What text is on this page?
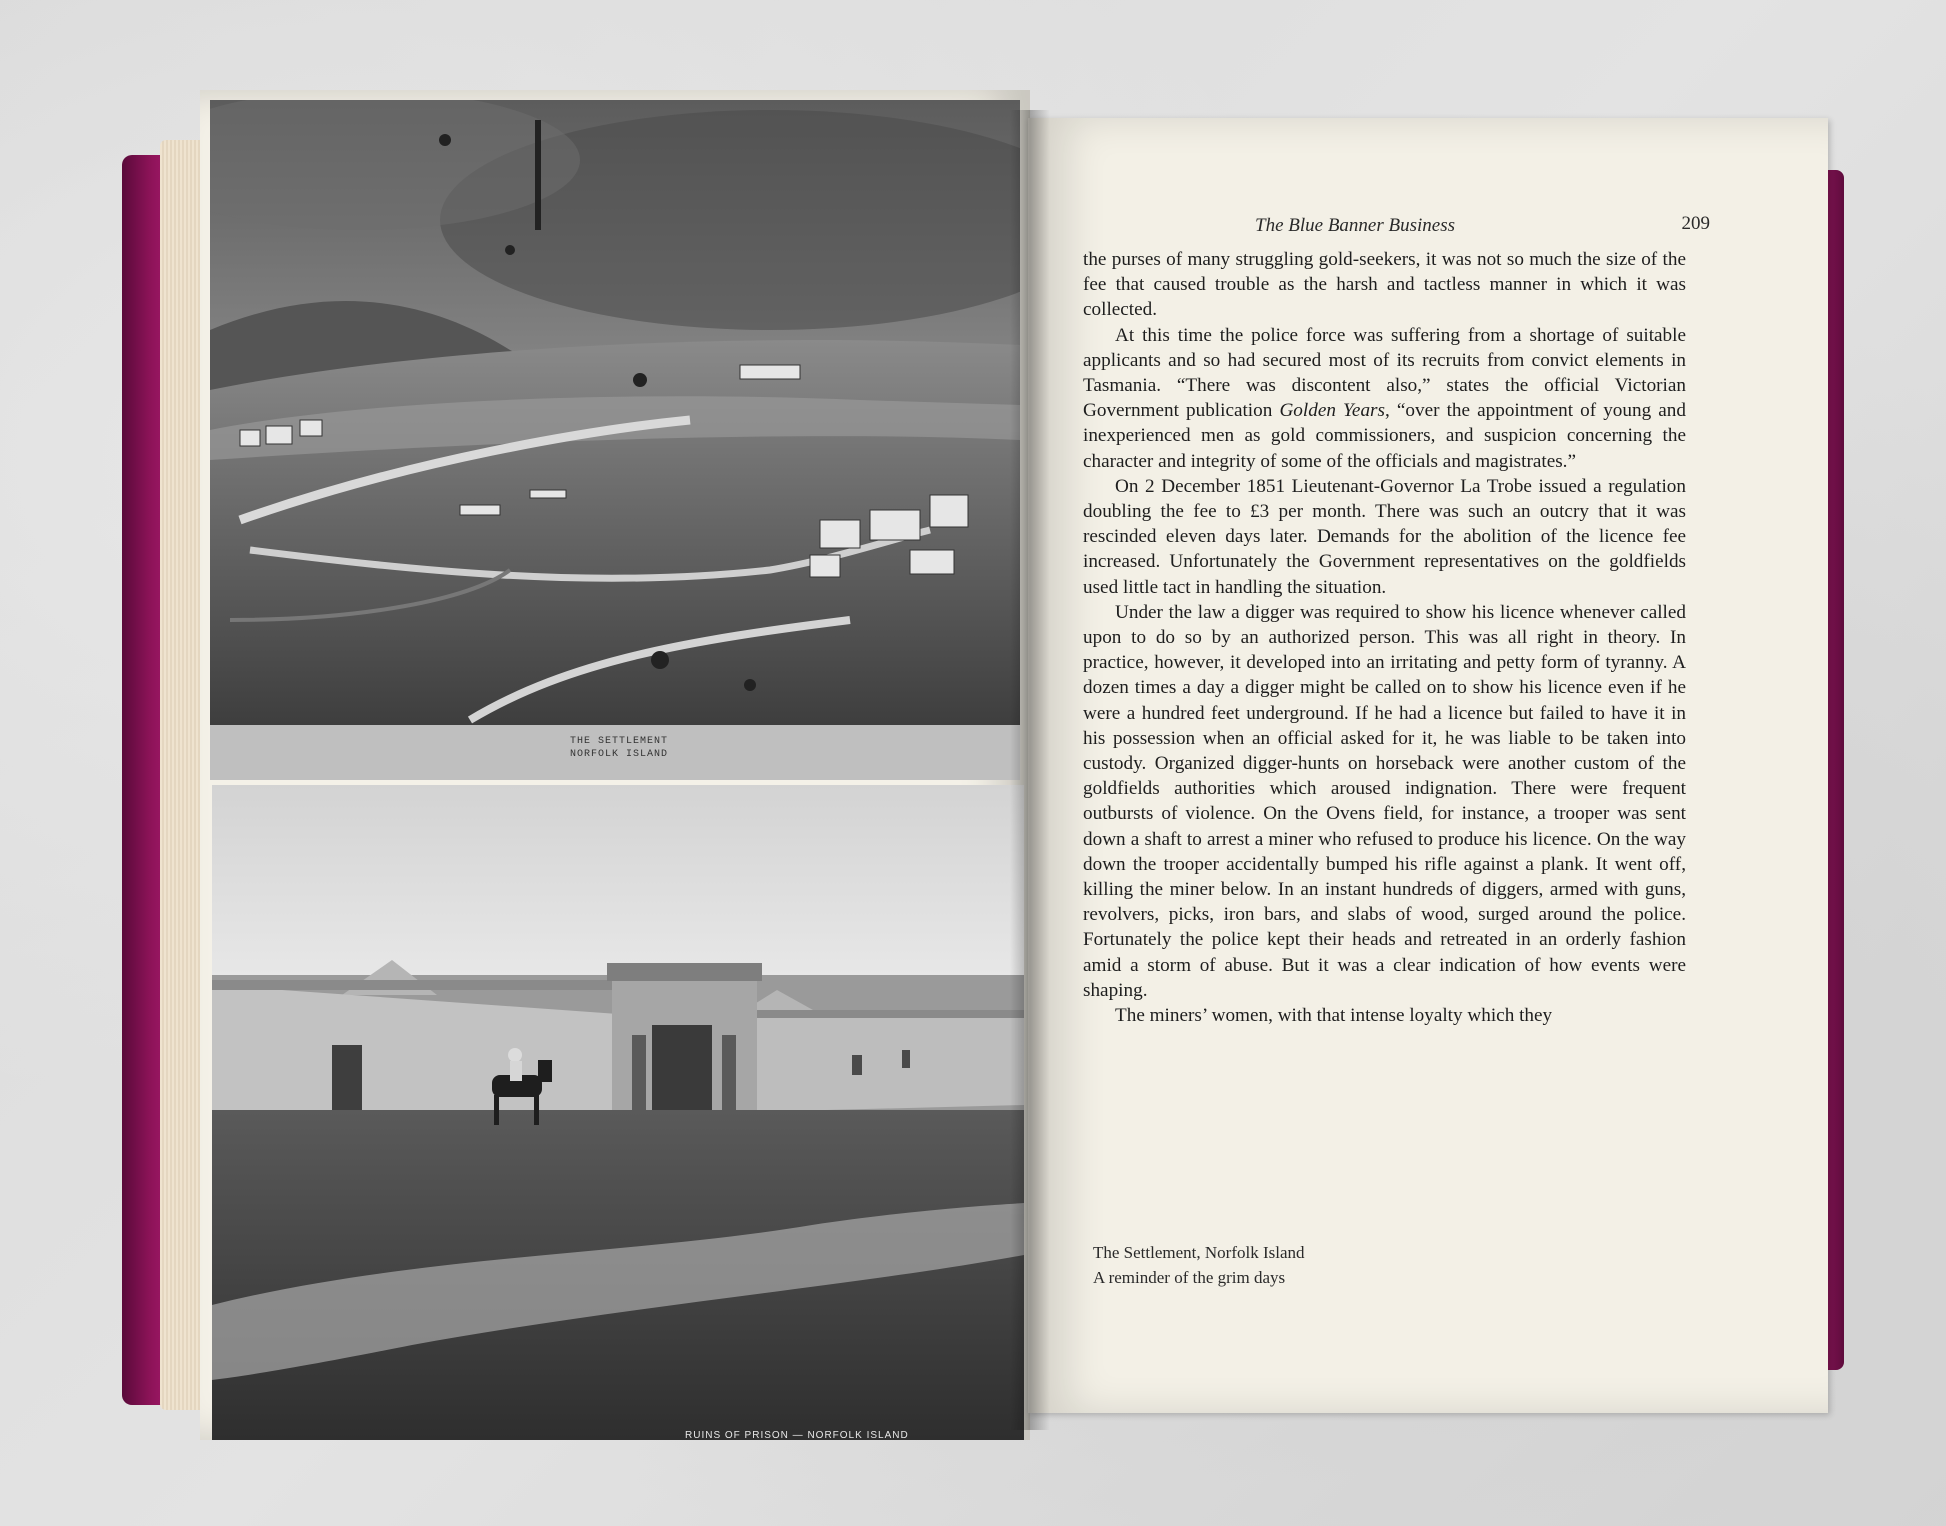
THE SETTLEMENT
NORFOLK ISLAND
RUINS OF PRISON — NORFOLK ISLAND
The Blue Banner Business	209

the purses of many struggling gold-seekers, it was not so much the size of the fee that caused trouble as the harsh and tactless manner in which it was collected.

At this time the police force was suffering from a shortage of suitable applicants and so had secured most of its recruits from convict elements in Tasmania. “There was discontent also,” states the official Victorian Government publication Golden Years, “over the appointment of young and inexperienced men as gold commissioners, and suspicion concerning the character and integrity of some of the officials and magistrates.”

On 2 December 1851 Lieutenant-Governor La Trobe issued a regulation doubling the fee to £3 per month. There was such an outcry that it was rescinded eleven days later. Demands for the abolition of the licence fee increased. Unfortunately the Government representatives on the goldfields used little tact in handling the situation.

Under the law a digger was required to show his licence whenever called upon to do so by an authorized person. This was all right in theory. In practice, however, it developed into an irritating and petty form of tyranny. A dozen times a day a digger might be called on to show his licence even if he were a hundred feet underground. If he had a licence but failed to have it in his possession when an official asked for it, he was liable to be taken into custody. Organized digger-hunts on horseback were another custom of the goldfields authorities which aroused indignation. There were frequent outbursts of violence. On the Ovens field, for instance, a trooper was sent down a shaft to arrest a miner who refused to produce his licence. On the way down the trooper accidentally bumped his rifle against a plank. It went off, killing the miner below. In an instant hundreds of diggers, armed with guns, revolvers, picks, iron bars, and slabs of wood, surged around the police. Fortunately the police kept their heads and retreated in an orderly fashion amid a storm of abuse. But it was a clear indication of how events were shaping.

The miners’ women, with that intense loyalty which they

The Settlement, Norfolk Island
A reminder of the grim days
